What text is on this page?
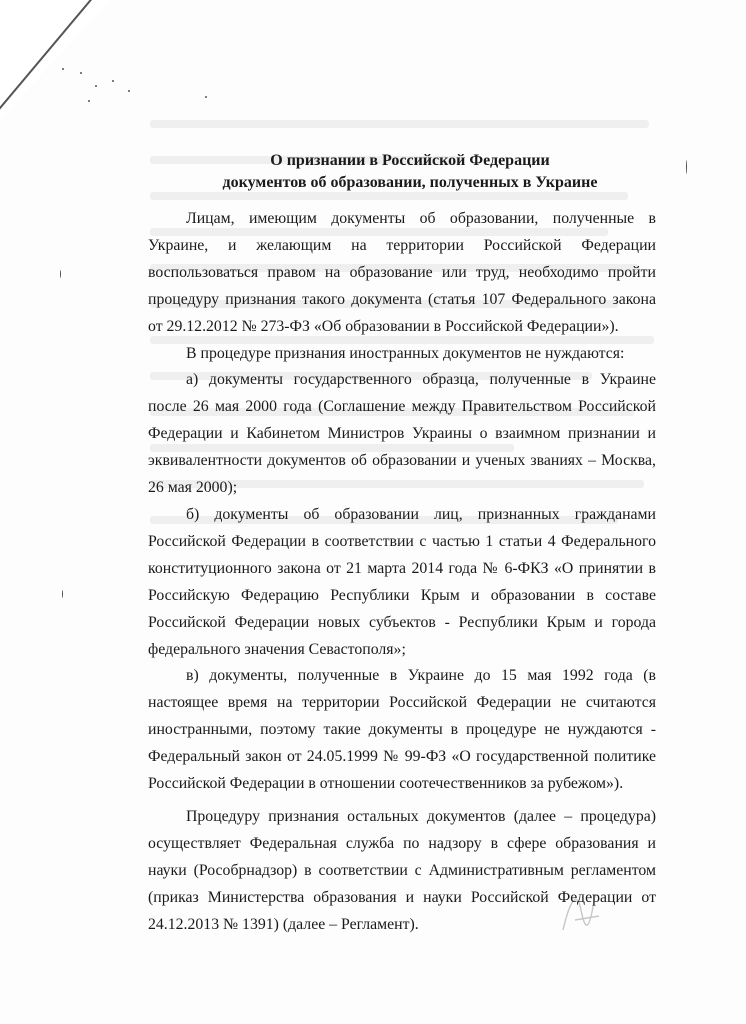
О признании в Российской Федерации
документов об образовании, полученных в Украине

Лицам, имеющим документы об образовании, полученные в Украине, и желающим на территории Российской Федерации воспользоваться правом на образование или труд, необходимо пройти процедуру признания такого документа (статья 107 Федерального закона от 29.12.2012 № 273-ФЗ «Об образовании в Российской Федерации»).

В процедуре признания иностранных документов не нуждаются:

а) документы государственного образца, полученные в Украине после 26 мая 2000 года (Соглашение между Правительством Российской Федерации и Кабинетом Министров Украины о взаимном признании и эквивалентности документов об образовании и ученых званиях – Москва, 26 мая 2000);

б) документы об образовании лиц, признанных гражданами Российской Федерации в соответствии с частью 1 статьи 4 Федерального конституционного закона от 21 марта 2014 года № 6-ФКЗ «О принятии в Российскую Федерацию Республики Крым и образовании в составе Российской Федерации новых субъектов - Республики Крым и города федерального значения Севастополя»;

в) документы, полученные в Украине до 15 мая 1992 года (в настоящее время на территории Российской Федерации не считаются иностранными, поэтому такие документы в процедуре не нуждаются - Федеральный закон от 24.05.1999 № 99-ФЗ «О государственной политике Российской Федерации в отношении соотечественников за рубежом»).

Процедуру признания остальных документов (далее – процедура) осуществляет Федеральная служба по надзору в сфере образования и науки (Рособрнадзор) в соответствии с Административным регламентом (приказ Министерства образования и науки Российской Федерации от 24.12.2013 № 1391) (далее – Регламент).
